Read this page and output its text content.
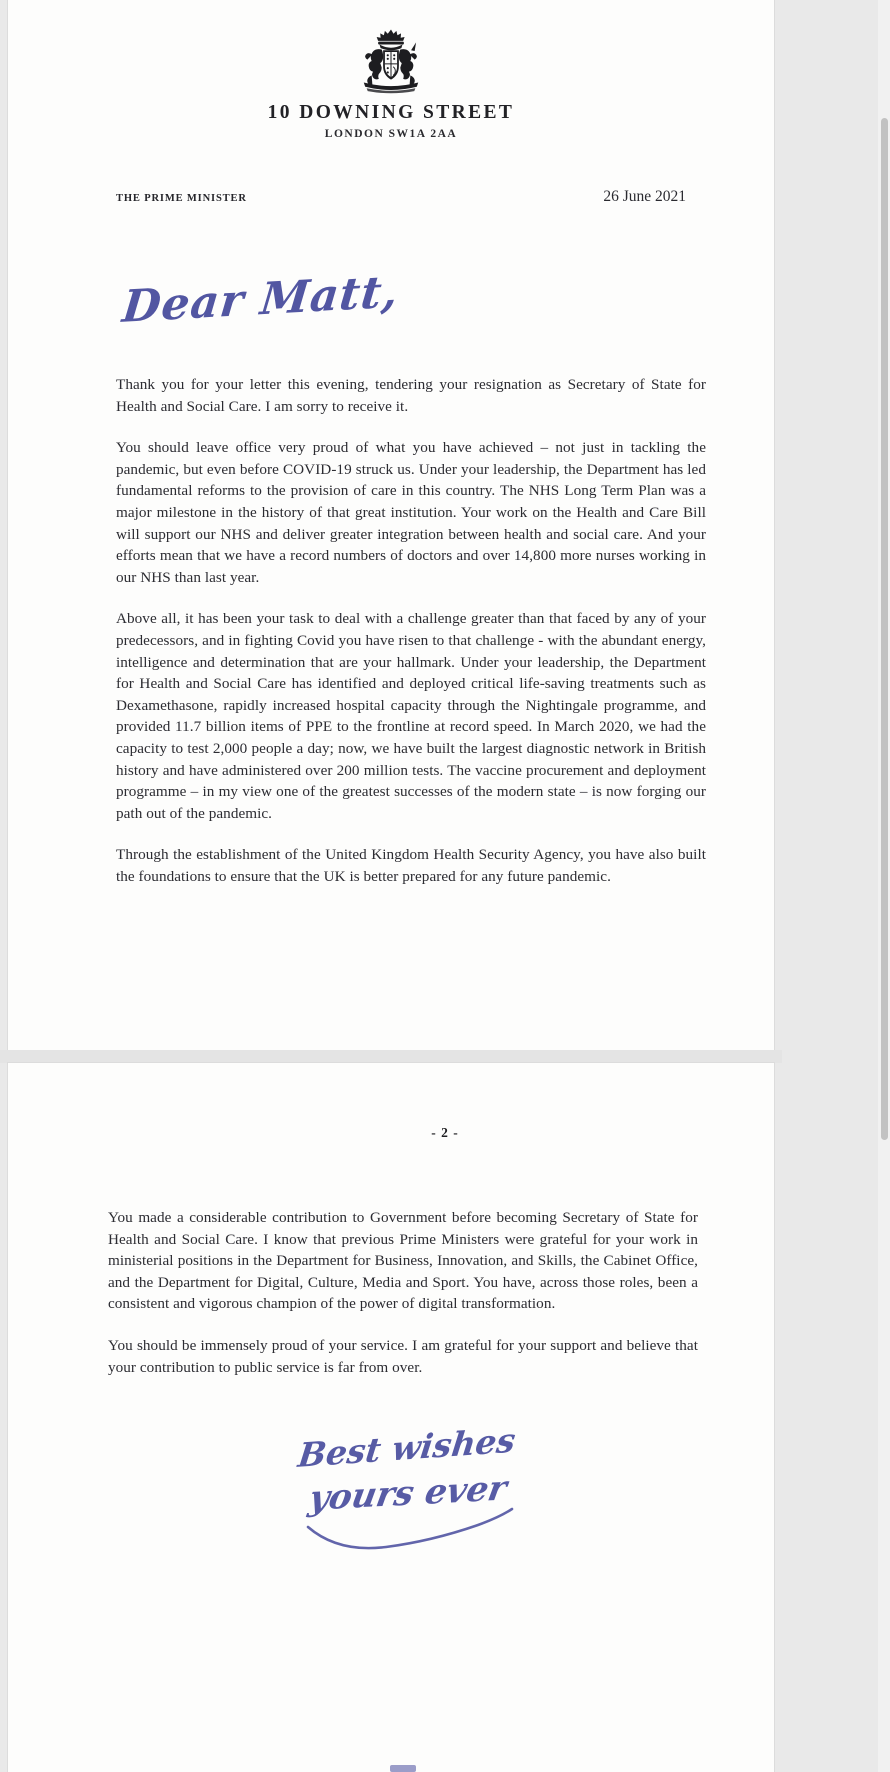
10 DOWNING STREET
LONDON SW1A 2AA
THE PRIME MINISTER	26 June 2021
Dear Matt,

Thank you for your letter this evening, tendering your resignation as Secretary of State for Health and Social Care. I am sorry to receive it.

You should leave office very proud of what you have achieved – not just in tackling the pandemic, but even before COVID-19 struck us. Under your leadership, the Department has led fundamental reforms to the provision of care in this country. The NHS Long Term Plan was a major milestone in the history of that great institution. Your work on the Health and Care Bill will support our NHS and deliver greater integration between health and social care. And your efforts mean that we have a record numbers of doctors and over 14,800 more nurses working in our NHS than last year.

Above all, it has been your task to deal with a challenge greater than that faced by any of your predecessors, and in fighting Covid you have risen to that challenge - with the abundant energy, intelligence and determination that are your hallmark. Under your leadership, the Department for Health and Social Care has identified and deployed critical life-saving treatments such as Dexamethasone, rapidly increased hospital capacity through the Nightingale programme, and provided 11.7 billion items of PPE to the frontline at record speed. In March 2020, we had the capacity to test 2,000 people a day; now, we have built the largest diagnostic network in British history and have administered over 200 million tests. The vaccine procurement and deployment programme – in my view one of the greatest successes of the modern state – is now forging our path out of the pandemic.

Through the establishment of the United Kingdom Health Security Agency, you have also built the foundations to ensure that the UK is better prepared for any future pandemic.

- 2 -

You made a considerable contribution to Government before becoming Secretary of State for Health and Social Care. I know that previous Prime Ministers were grateful for your work in ministerial positions in the Department for Business, Innovation, and Skills, the Cabinet Office, and the Department for Digital, Culture, Media and Sport. You have, across those roles, been a consistent and vigorous champion of the power of digital transformation.

You should be immensely proud of your service. I am grateful for your support and believe that your contribution to public service is far from over.

Best wishes
yours ever
